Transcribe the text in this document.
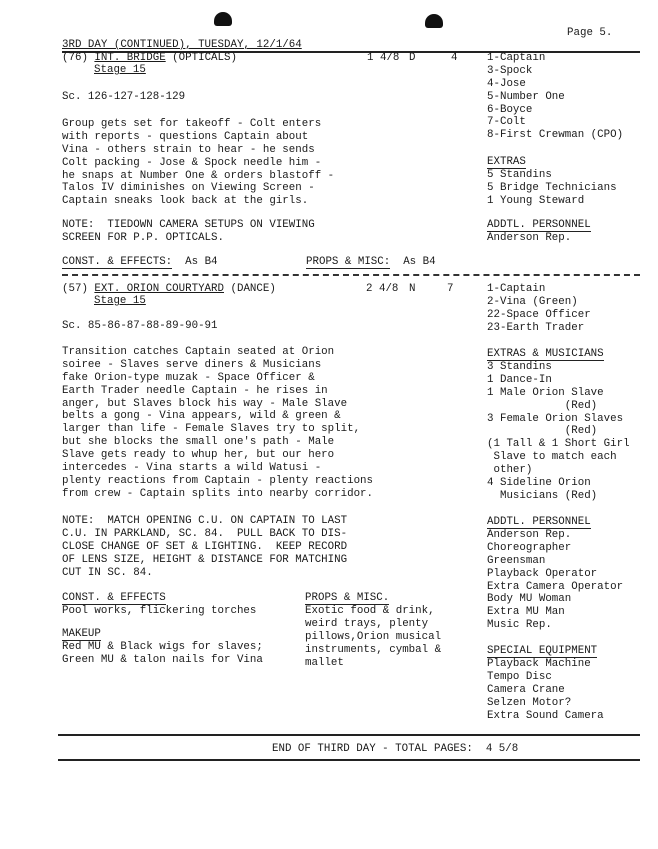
Page 5.
3RD DAY (CONTINUED), TUESDAY, 12/1/64
(76) INT. BRIDGE (OPTICALS)
Stage 15
1 4/8 D	4
Sc. 126-127-128-129
Group gets set for takeoff - Colt enters
with reports - questions Captain about
Vina - others strain to hear - he sends
Colt packing - Jose & Spock needle him -
he snaps at Number One & orders blastoff -
Talos IV diminishes on Viewing Screen -
Captain sneaks look back at the girls.
NOTE:  TIEDOWN CAMERA SETUPS ON VIEWING
SCREEN FOR P.P. OPTICALS.
1-Captain
3-Spock
4-Jose
5-Number One
6-Boyce
7-Colt
8-First Crewman (CPO)
EXTRAS
5 Standins
5 Bridge Technicians
1 Young Steward
ADDTL. PERSONNEL
Anderson Rep.
CONST. & EFFECTS: As B4	PROPS & MISC: As B4
(57) EXT. ORION COURTYARD (DANCE)
Stage 15
2 4/8 N	7
Sc. 85-86-87-88-89-90-91
Transition catches Captain seated at Orion
soiree - Slaves serve diners & Musicians
fake Orion-type muzak - Space Officer &
Earth Trader needle Captain - he rises in
anger, but Slaves block his way - Male Slave
belts a gong - Vina appears, wild & green &
larger than life - Female Slaves try to split,
but she blocks the small one's path - Male
Slave gets ready to whup her, but our hero
intercedes - Vina starts a wild Watusi -
plenty reactions from Captain - plenty reactions
from crew - Captain splits into nearby corridor.
NOTE:  MATCH OPENING C.U. ON CAPTAIN TO LAST
C.U. IN PARKLAND, SC. 84.  PULL BACK TO DIS-
CLOSE CHANGE OF SET & LIGHTING.  KEEP RECORD
OF LENS SIZE, HEIGHT & DISTANCE FOR MATCHING
CUT IN SC. 84.
1-Captain
2-Vina (Green)
22-Space Officer
23-Earth Trader
EXTRAS & MUSICIANS
3 Standins
1 Dance-In
1 Male Orion Slave
(Red)
3 Female Orion Slaves
(Red)
(1 Tall & 1 Short Girl
Slave to match each
other)
4 Sideline Orion
Musicians (Red)
ADDTL. PERSONNEL
Anderson Rep.
Choreographer
Greensman
Playback Operator
Extra Camera Operator
Body MU Woman
Extra MU Man
Music Rep.
SPECIAL EQUIPMENT
Playback Machine
Tempo Disc
Camera Crane
Selzen Motor?
Extra Sound Camera
CONST. & EFFECTS
Pool works, flickering torches
MAKEUP
Red MU & Black wigs for slaves;
Green MU & talon nails for Vina
PROPS & MISC.
Exotic food & drink,
weird trays, plenty
pillows,Orion musical
instruments, cymbal &
mallet
END OF THIRD DAY - TOTAL PAGES:  4 5/8
